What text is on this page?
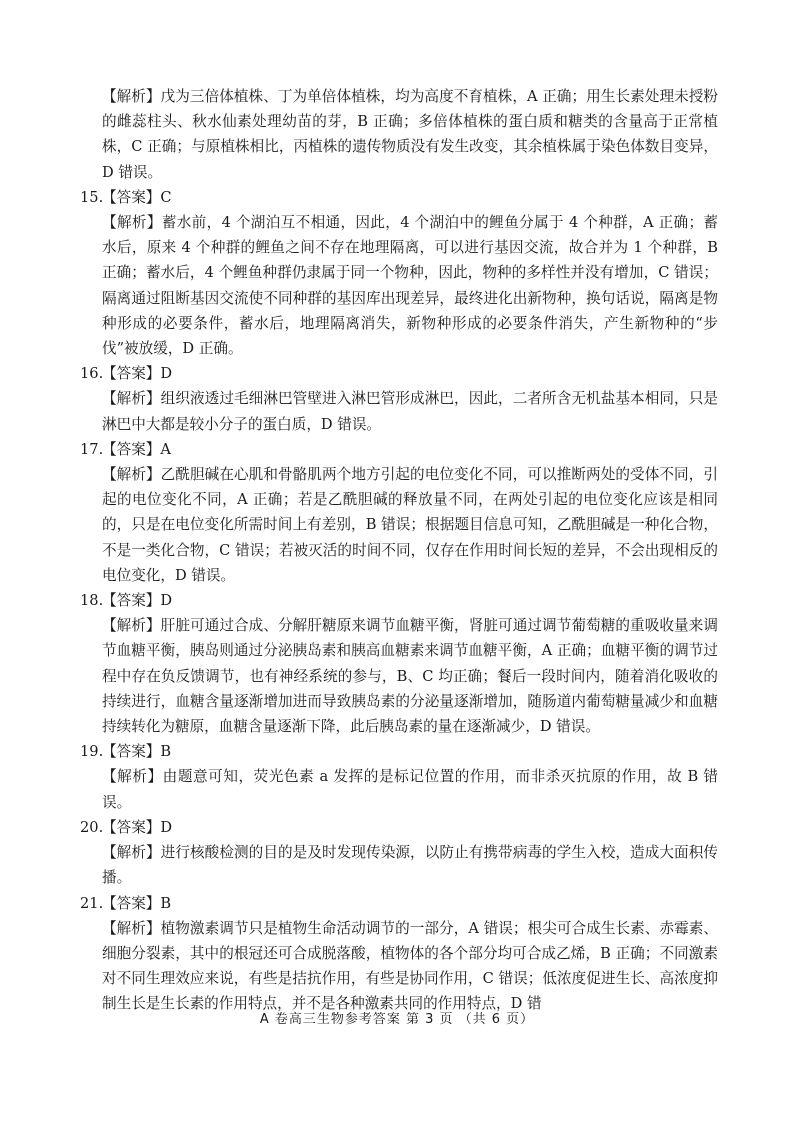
【解析】戊为三倍体植株、丁为单倍体植株，均为高度不育植株，A 正确；用生长素处理未授粉的雌蕊柱头、秋水仙素处理幼苗的芽，B 正确；多倍体植株的蛋白质和糖类的含量高于正常植株，C 正确；与原植株相比，丙植株的遗传物质没有发生改变，其余植株属于染色体数目变异，D 错误。

15.【答案】C

【解析】蓄水前，4 个湖泊互不相通，因此，4 个湖泊中的鲤鱼分属于 4 个种群，A 正确；蓄水后，原来 4 个种群的鲤鱼之间不存在地理隔离，可以进行基因交流，故合并为 1 个种群，B 正确；蓄水后，4 个鲤鱼种群仍隶属于同一个物种，因此，物种的多样性并没有增加，C 错误；隔离通过阻断基因交流使不同种群的基因库出现差异，最终进化出新物种，换句话说，隔离是物种形成的必要条件，蓄水后，地理隔离消失，新物种形成的必要条件消失，产生新物种的“步伐”被放缓，D 正确。

16.【答案】D

【解析】组织液透过毛细淋巴管壁进入淋巴管形成淋巴，因此，二者所含无机盐基本相同，只是淋巴中大都是较小分子的蛋白质，D 错误。

17.【答案】A

【解析】乙酰胆碱在心肌和骨骼肌两个地方引起的电位变化不同，可以推断两处的受体不同，引起的电位变化不同，A 正确；若是乙酰胆碱的释放量不同，在两处引起的电位变化应该是相同的，只是在电位变化所需时间上有差别，B 错误；根据题目信息可知，乙酰胆碱是一种化合物，不是一类化合物，C 错误；若被灭活的时间不同，仅存在作用时间长短的差异，不会出现相反的电位变化，D 错误。

18.【答案】D

【解析】肝脏可通过合成、分解肝糖原来调节血糖平衡，肾脏可通过调节葡萄糖的重吸收量来调节血糖平衡，胰岛则通过分泌胰岛素和胰高血糖素来调节血糖平衡，A 正确；血糖平衡的调节过程中存在负反馈调节，也有神经系统的参与，B、C 均正确；餐后一段时间内，随着消化吸收的持续进行，血糖含量逐渐增加进而导致胰岛素的分泌量逐渐增加，随肠道内葡萄糖量减少和血糖持续转化为糖原，血糖含量逐渐下降，此后胰岛素的量在逐渐减少，D 错误。

19.【答案】B

【解析】由题意可知，荧光色素 a 发挥的是标记位置的作用，而非杀灭抗原的作用，故 B 错误。

20.【答案】D

【解析】进行核酸检测的目的是及时发现传染源，以防止有携带病毒的学生入校，造成大面积传播。

21.【答案】B

【解析】植物激素调节只是植物生命活动调节的一部分，A 错误；根尖可合成生长素、赤霉素、细胞分裂素，其中的根冠还可合成脱落酸，植物体的各个部分均可合成乙烯，B 正确；不同激素对不同生理效应来说，有些是拮抗作用，有些是协同作用，C 错误；低浓度促进生长、高浓度抑制生长是生长素的作用特点，并不是各种激素共同的作用特点，D 错

A 卷高三生物参考答案 第 3 页 （共 6 页）
